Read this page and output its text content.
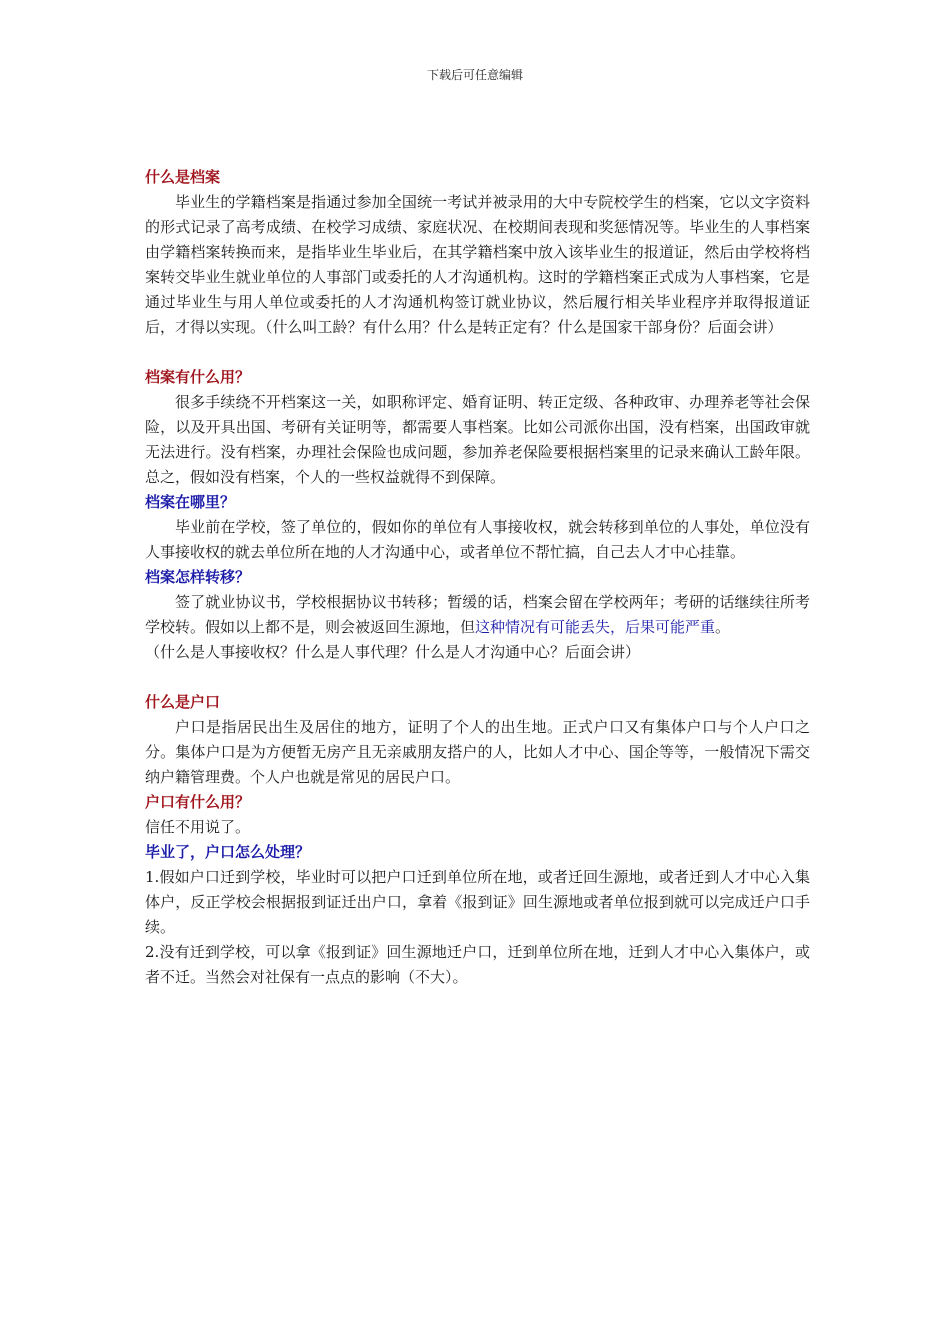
下载后可任意编辑

什么是档案

毕业生的学籍档案是指通过参加全国统一考试并被录用的大中专院校学生的档案，它以文字资料的形式记录了高考成绩、在校学习成绩、家庭状况、在校期间表现和奖惩情况等。毕业生的人事档案由学籍档案转换而来，是指毕业生毕业后，在其学籍档案中放入该毕业生的报道证，然后由学校将档案转交毕业生就业单位的人事部门或委托的人才沟通机构。这时的学籍档案正式成为人事档案，它是通过毕业生与用人单位或委托的人才沟通机构签订就业协议，然后履行相关毕业程序并取得报道证后，才得以实现。（什么叫工龄？有什么用？什么是转正定有？什么是国家干部身份？后面会讲）

档案有什么用？

很多手续绕不开档案这一关，如职称评定、婚育证明、转正定级、各种政审、办理养老等社会保险，以及开具出国、考研有关证明等，都需要人事档案。比如公司派你出国，没有档案，出国政审就无法进行。没有档案，办理社会保险也成问题，参加养老保险要根据档案里的记录来确认工龄年限。总之，假如没有档案，个人的一些权益就得不到保障。

档案在哪里？

毕业前在学校，签了单位的，假如你的单位有人事接收权，就会转移到单位的人事处，单位没有人事接收权的就去单位所在地的人才沟通中心，或者单位不帮忙搞，自己去人才中心挂靠。

档案怎样转移？

签了就业协议书，学校根据协议书转移；暂缓的话，档案会留在学校两年；考研的话继续往所考学校转。假如以上都不是，则会被返回生源地，但这种情况有可能丢失，后果可能严重。

（什么是人事接收权？什么是人事代理？什么是人才沟通中心？后面会讲）

什么是户口

户口是指居民出生及居住的地方，证明了个人的出生地。正式户口又有集体户口与个人户口之分。集体户口是为方便暂无房产且无亲戚朋友搭户的人，比如人才中心、国企等等，一般情况下需交纳户籍管理费。个人户也就是常见的居民户口。

户口有什么用？

信任不用说了。

毕业了，户口怎么处理？

1.假如户口迁到学校，毕业时可以把户口迁到单位所在地，或者迁回生源地，或者迁到人才中心入集体户，反正学校会根据报到证迁出户口，拿着《报到证》回生源地或者单位报到就可以完成迁户口手续。

2.没有迁到学校，可以拿《报到证》回生源地迁户口，迁到单位所在地，迁到人才中心入集体户，或者不迁。当然会对社保有一点点的影响（不大）。
